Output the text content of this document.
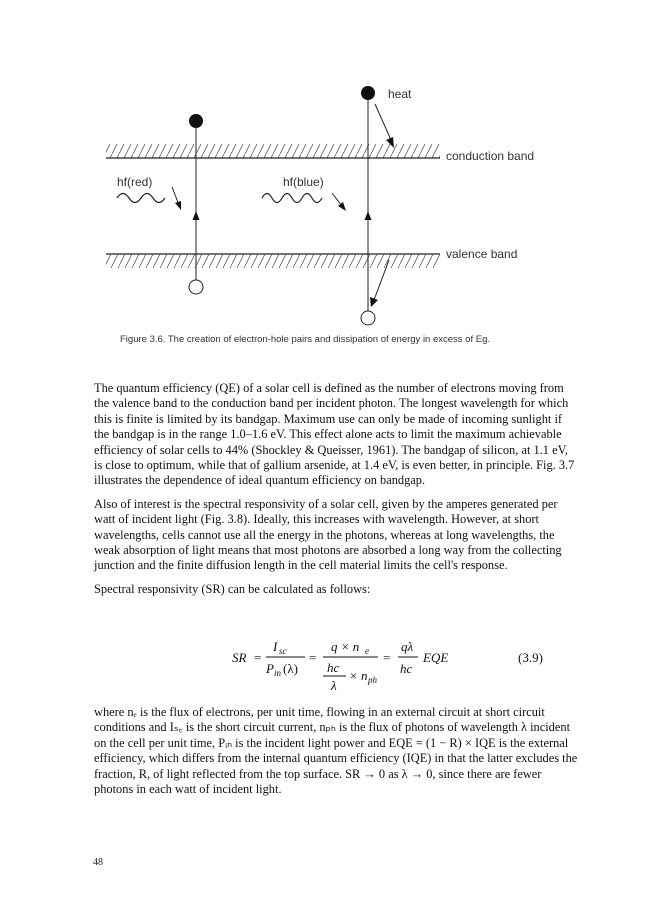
heat
conduction band
valence band
hf(red)	hf(blue)
Figure 3.6. The creation of electron-hole pairs and dissipation of energy in excess of Eg.

The quantum efficiency (QE) of a solar cell is defined as the number of electrons moving from the valence band to the conduction band per incident photon. The longest wavelength for which this is finite is limited by its bandgap. Maximum use can only be made of incoming sunlight if the bandgap is in the range 1.0–1.6 eV. This effect alone acts to limit the maximum achievable efficiency of solar cells to 44% (Shockley & Queisser, 1961). The bandgap of silicon, at 1.1 eV, is close to optimum, while that of gallium arsenide, at 1.4 eV, is even better, in principle. Fig. 3.7 illustrates the dependence of ideal quantum efficiency on bandgap.

Also of interest is the spectral responsivity of a solar cell, given by the amperes generated per watt of incident light (Fig. 3.8). Ideally, this increases with wavelength. However, at short wavelengths, cells cannot use all the energy in the photons, whereas at long wavelengths, the weak absorption of light means that most photons are absorbed a long way from the collecting junction and the finite diffusion length in the cell material limits the cell's response.

Spectral responsivity (SR) can be calculated as follows:

SR =
I sc
P in (λ)
=
q × n e
hc
λ
× n ph
=
qλ
hc
EQE	(3.9)

where nₑ is the flux of electrons, per unit time, flowing in an external circuit at short circuit conditions and Iₛ꜀ is the short circuit current, nₚₕ is the flux of photons of wavelength λ incident on the cell per unit time, Pᵢₙ is the incident light power and EQE = (1 − R) × IQE is the external efficiency, which differs from the internal quantum efficiency (IQE) in that the latter excludes the fraction, R, of light reflected from the top surface. SR → 0 as λ → 0, since there are fewer photons in each watt of incident light.

48
